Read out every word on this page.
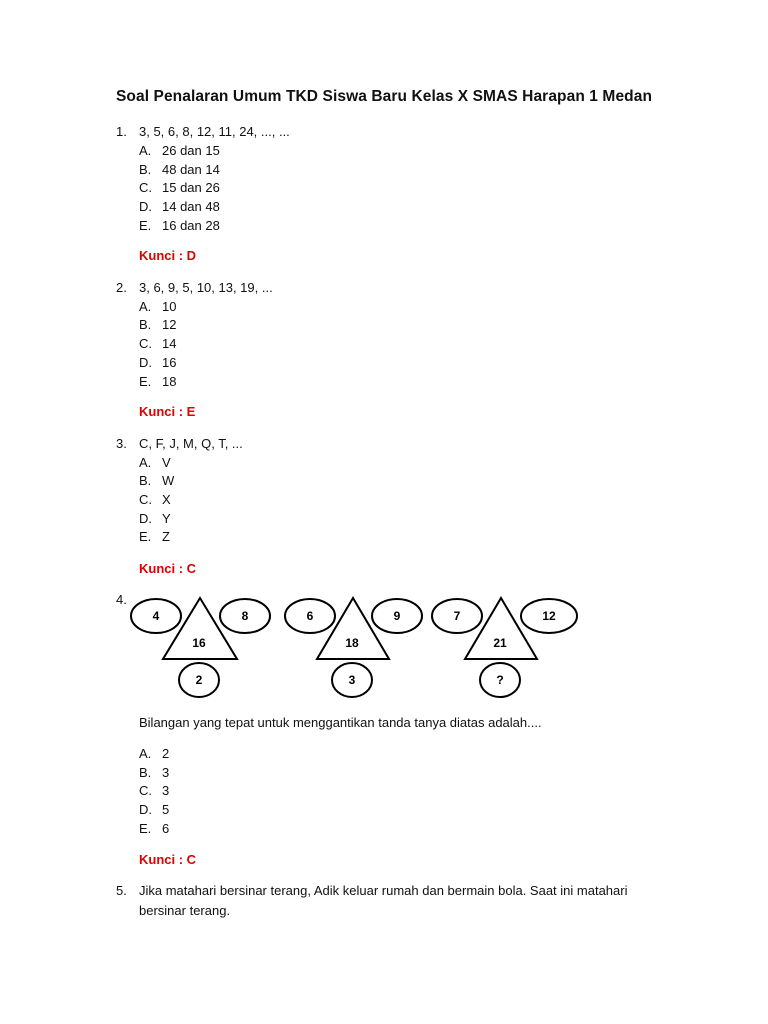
Soal Penalaran Umum TKD Siswa Baru Kelas X SMAS Harapan 1 Medan
1. 3, 5, 6, 8, 12, 11, 24, ..., ...
A. 26 dan 15
B. 48 dan 14
C. 15 dan 26
D. 14 dan 48
E. 16 dan 28
Kunci : D
2. 3, 6, 9, 5, 10, 13, 19, ...
A. 10
B. 12
C. 14
D. 16
E. 18
Kunci : E
3. C, F, J, M, Q, T, ...
A. V
B. W
C. X
D. Y
E. Z
Kunci : C
4.
4	8
16
2
6	9
18
3
7	12
21
?
Bilangan yang tepat untuk menggantikan tanda tanya diatas adalah....
A. 2
B. 3
C. 3
D. 5
E. 6
Kunci : C
5. Jika matahari bersinar terang, Adik keluar rumah dan bermain bola. Saat ini matahari
bersinar terang.
